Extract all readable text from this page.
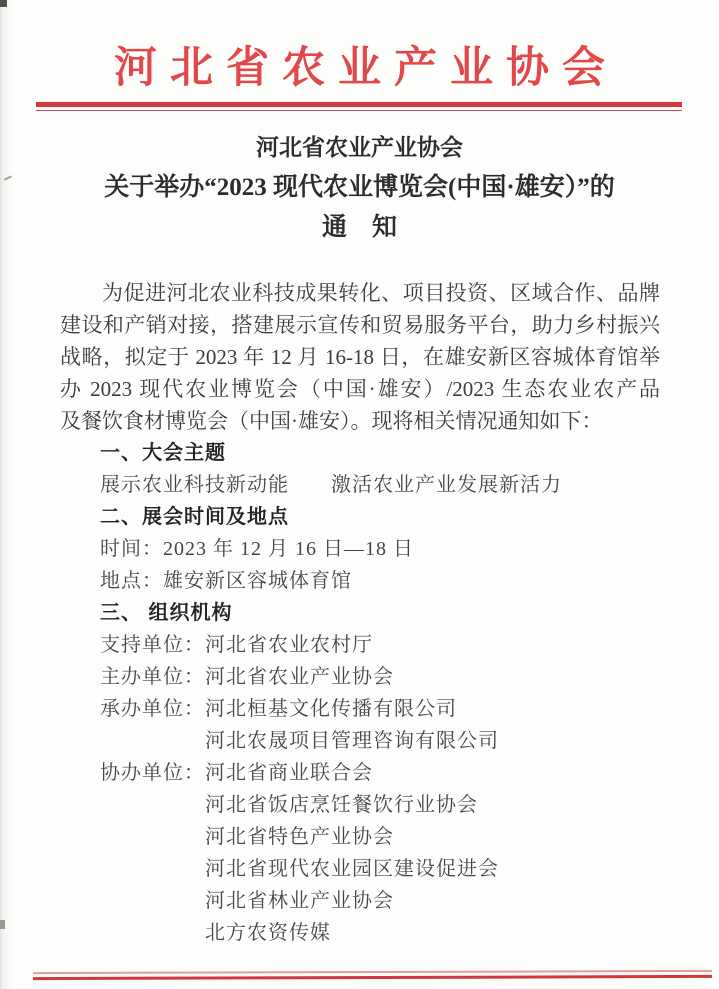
河北省农业产业协会
河北省农业产业协会
关于举办“2023 现代农业博览会(中国·雄安）”的
通　知
为促进河北农业科技成果转化、项目投资、区域合作、品牌
建设和产销对接，搭建展示宣传和贸易服务平台，助力乡村振兴
战略，拟定于 2023 年 12 月 16-18 日，在雄安新区容城体育馆举
办 2023 现代农业博览会（中国·雄安）/2023 生态农业农产品
及餐饮食材博览会（中国·雄安）。现将相关情况通知如下：
一、大会主题
展示农业科技新动能　　激活农业产业发展新活力
二、展会时间及地点
时间：2023 年 12 月 16 日—18 日
地点：雄安新区容城体育馆
三、 组织机构
支持单位： 河北省农业农村厅
主办单位： 河北省农业产业协会
承办单位： 河北桓基文化传播有限公司
河北农晟项目管理咨询有限公司
协办单位： 河北省商业联合会
河北省饭店烹饪餐饮行业协会
河北省特色产业协会
河北省现代农业园区建设促进会
河北省林业产业协会
北方农资传媒
